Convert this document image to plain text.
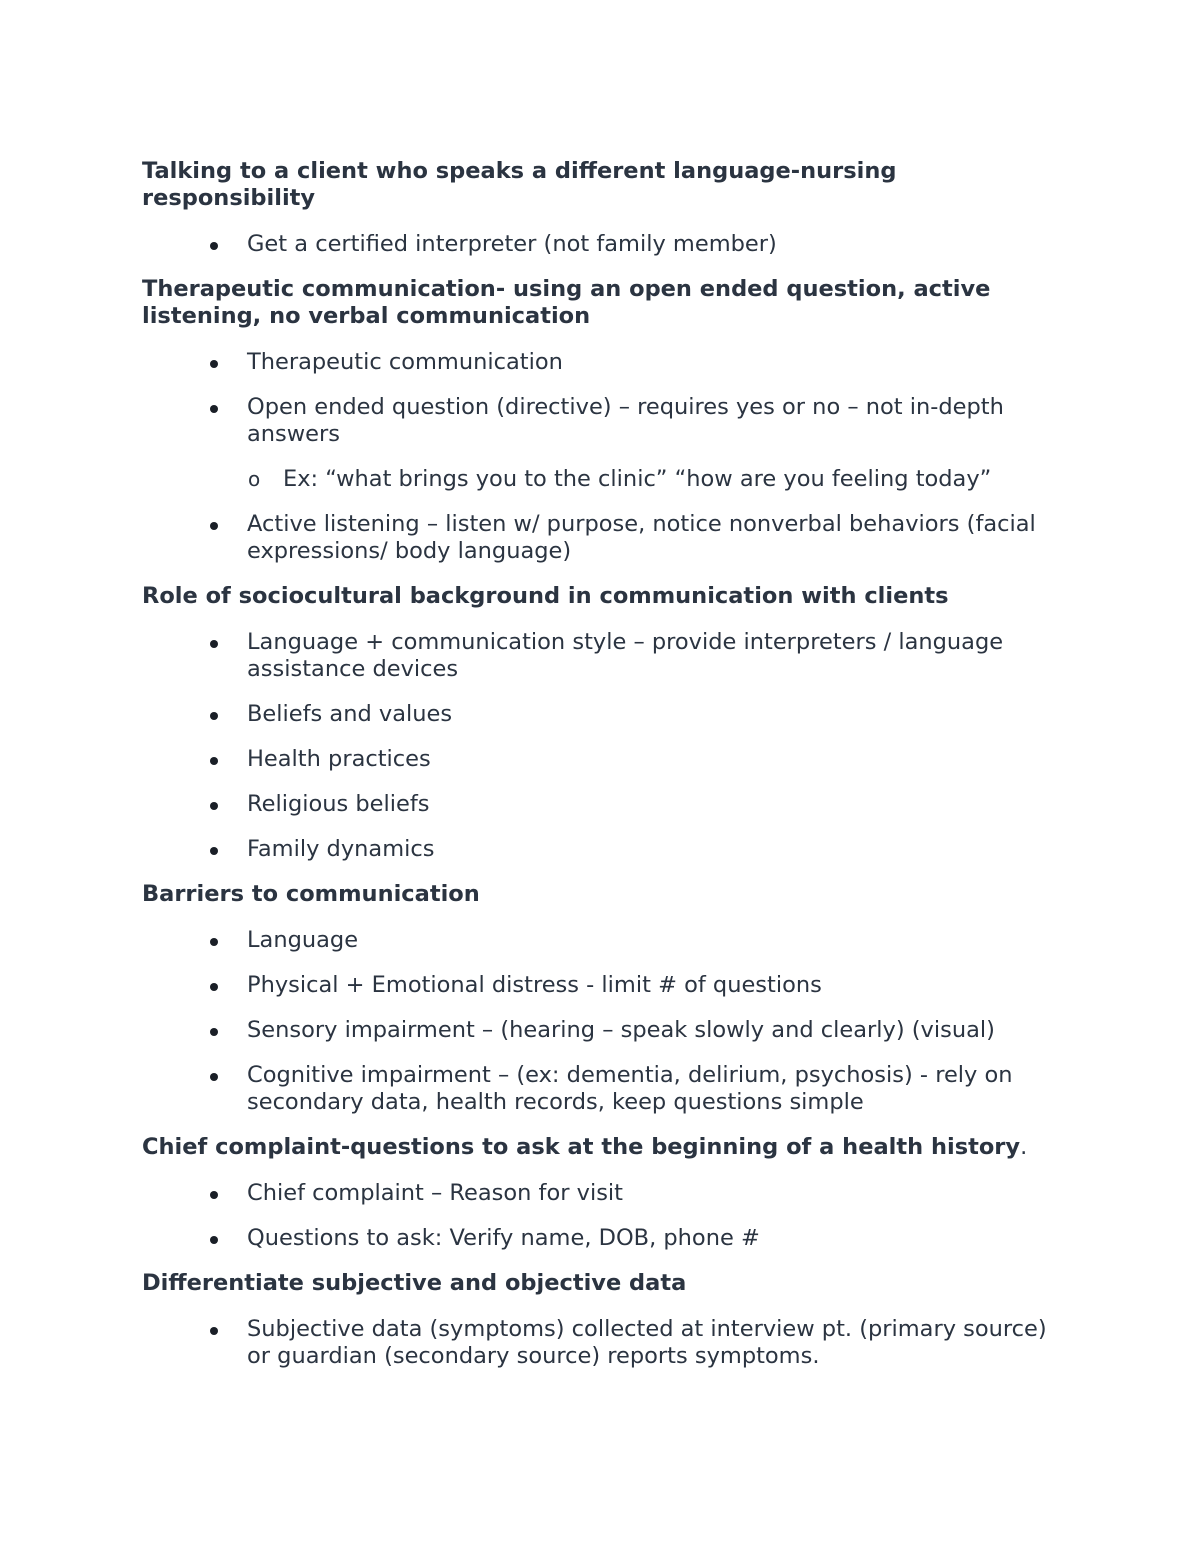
Talking to a client who speaks a different language-nursing responsibility
Get a certified interpreter (not family member)
Therapeutic communication- using an open ended question, active listening, no verbal communication
Therapeutic communication
Open ended question (directive) – requires yes or no – not in-depth answers
o Ex: “what brings you to the clinic” “how are you feeling today”
Active listening – listen w/ purpose, notice nonverbal behaviors (facial expressions/ body language)
Role of sociocultural background in communication with clients
Language + communication style – provide interpreters / language assistance devices
Beliefs and values
Health practices
Religious beliefs
Family dynamics
Barriers to communication
Language
Physical + Emotional distress - limit # of questions
Sensory impairment – (hearing – speak slowly and clearly) (visual)
Cognitive impairment – (ex: dementia, delirium, psychosis) - rely on secondary data, health records, keep questions simple
Chief complaint-questions to ask at the beginning of a health history.
Chief complaint – Reason for visit
Questions to ask: Verify name, DOB, phone #
Differentiate subjective and objective data
Subjective data (symptoms) collected at interview pt. (primary source) or guardian (secondary source) reports symptoms.
